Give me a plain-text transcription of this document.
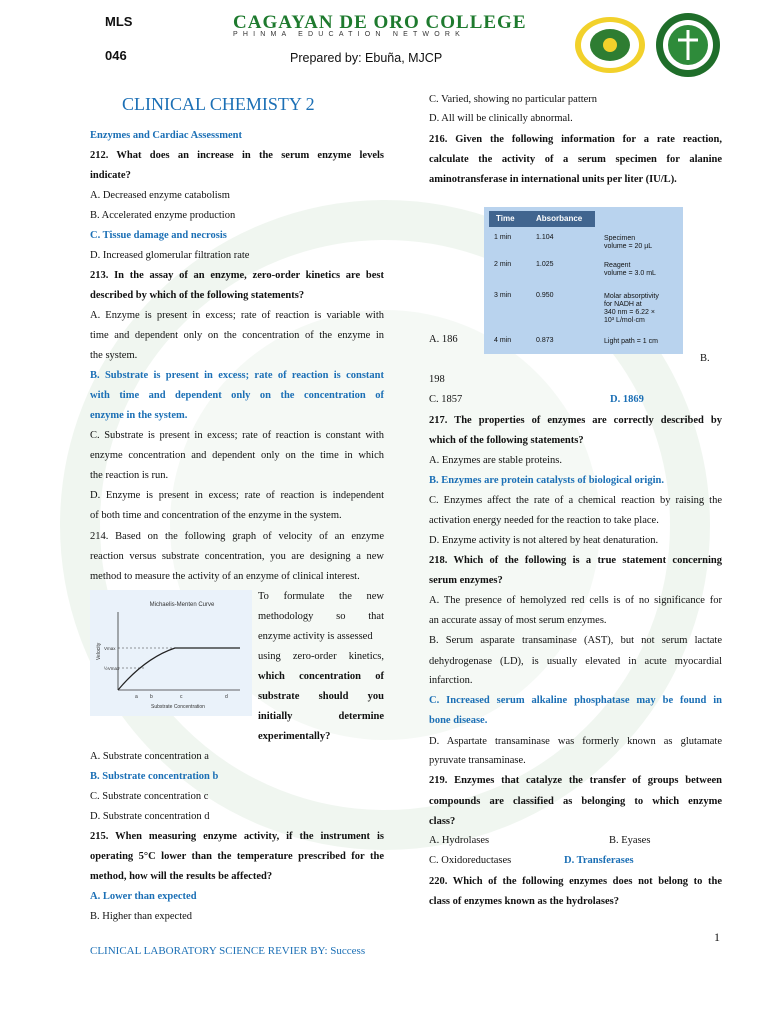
MLS
046
CAGAYAN DE ORO COLLEGE
PHINMA EDUCATION NETWORK
Prepared by: Ebuña, MJCP
CLINICAL CHEMISTY 2
Enzymes and Cardiac Assessment
212. What does an increase in the serum enzyme levels
indicate?
A. Decreased enzyme catabolism
B. Accelerated enzyme production
C. Tissue damage and necrosis
D. Increased glomerular filtration rate
213. In the assay of an enzyme, zero-order kinetics are best
described by which of the following statements?
A. Enzyme is present in excess; rate of reaction is variable with
time and dependent only on the concentration of the enzyme in
the system.
B. Substrate is present in excess; rate of reaction is constant
with time and dependent only on the concentration of
enzyme in the system.
C. Substrate is present in excess; rate of reaction is constant with
enzyme concentration and dependent only on the time in which
the reaction is run.
D. Enzyme is present in excess; rate of reaction is independent
of both time and concentration of the enzyme in the system.
214. Based on the following graph of velocity of an enzyme
reaction versus substrate concentration, you are designing a new
method to measure the activity of an enzyme of clinical interest.
Michaelis-Menten Curve
Velocity Vmax
½Vmax
a b	c	d
Substrate Concentration
To formulate the new
methodology so that
enzyme activity is assessed
using zero-order kinetics,
which concentration of
substrate should you
initially determine
experimentally?
A. Substrate concentration a
B. Substrate concentration b
C. Substrate concentration c
D. Substrate concentration d
215. When measuring enzyme activity, if the instrument is
operating 5°C lower than the temperature prescribed for the
method, how will the results be affected?
A. Lower than expected
B. Higher than expected
C. Varied, showing no particular pattern
D. All will be clinically abnormal.
216. Given the following information for a rate reaction,
calculate the activity of a serum specimen for alanine
aminotransferase in international units per liter (IU/L).
Time	Absorbance
1 min	1.104
2 min	1.025
3 min	0.950
4 min	0.873
Specimen
volume = 20 µL
Reagent
volume = 3.0 mL
Molar absorptivity
for NADH at
340 nm = 6.22 ×
10³ L/mol·cm
Light path = 1 cm
A. 186
B.
198
C. 1857	D. 1869
217. The properties of enzymes are correctly described by
which of the following statements?
A. Enzymes are stable proteins.
B. Enzymes are protein catalysts of biological origin.
C. Enzymes affect the rate of a chemical reaction by raising the
activation energy needed for the reaction to take place.
D. Enzyme activity is not altered by heat denaturation.
218. Which of the following is a true statement concerning
serum enzymes?
A. The presence of hemolyzed red cells is of no significance for
an accurate assay of most serum enzymes.
B. Serum asparate transaminase (AST), but not serum lactate
dehydrogenase (LD), is usually elevated in acute myocardial
infarction.
C. Increased serum alkaline phosphatase may be found in
bone disease.
D. Aspartate transaminase was formerly known as glutamate
pyruvate transaminase.
219. Enzymes that catalyze the transfer of groups between
compounds are classified as belonging to which enzyme
class?
A. Hydrolases	B. Eyases
C. Oxidoreductases	D. Transferases
220. Which of the following enzymes does not belong to the
class of enzymes known as the hydrolases?
CLINICAL LABORATORY SCIENCE REVIER BY: Success
1
